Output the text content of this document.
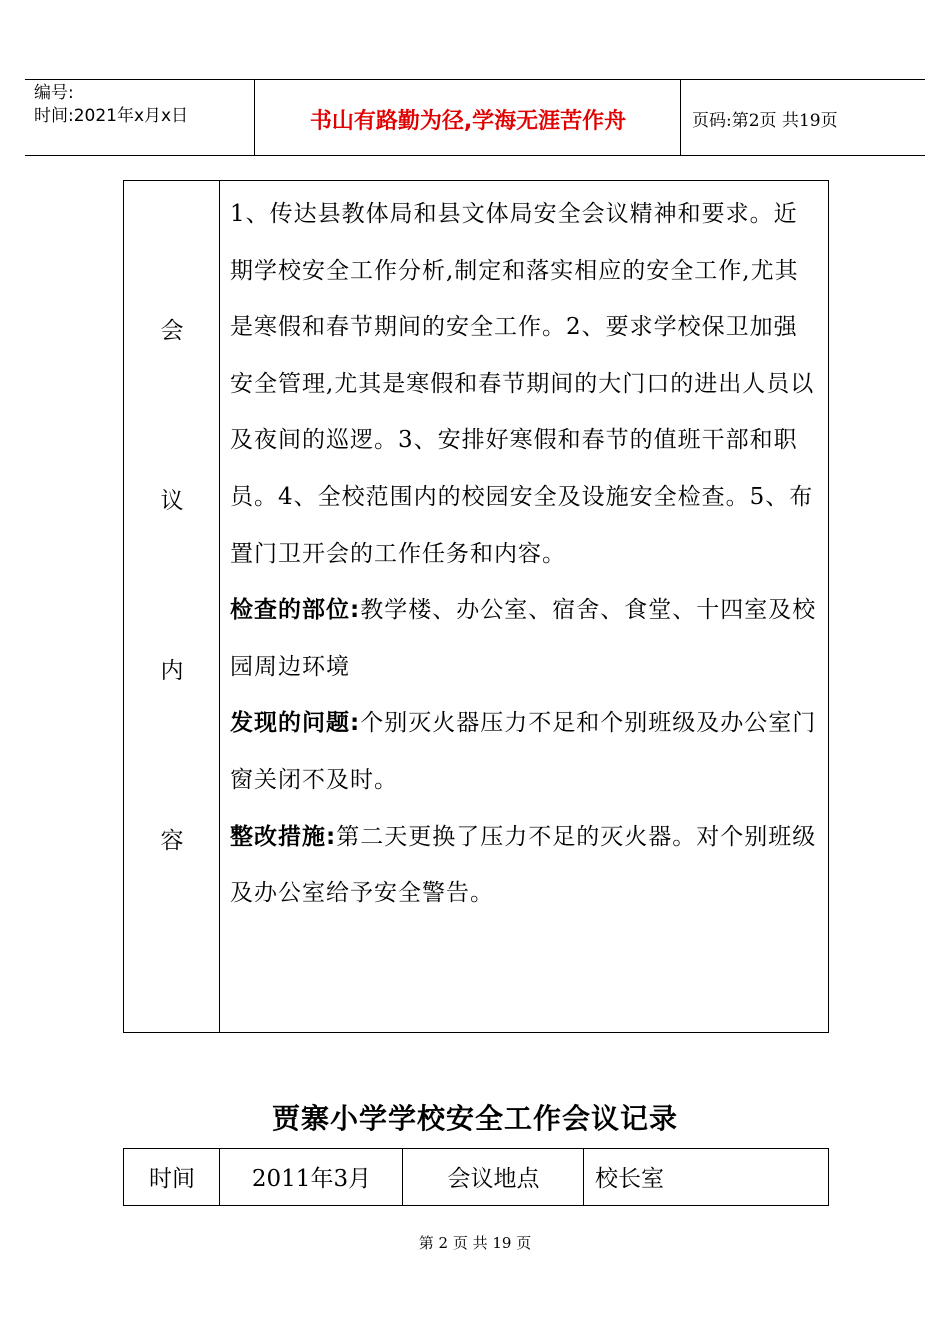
编号:
时间:2021年x月x日	书山有路勤为径,学海无涯苦作舟	页码:第2页 共19页
会
议
内
容

1、传达县教体局和县文体局安全会议精神和要求。近期学校安全工作分析,制定和落实相应的安全工作,尤其是寒假和春节期间的安全工作。2、要求学校保卫加强安全管理,尤其是寒假和春节期间的大门口的进出人员以及夜间的巡逻。3、安排好寒假和春节的值班干部和职员。4、全校范围内的校园安全及设施安全检查。5、布置门卫开会的工作任务和内容。

检查的部位:教学楼、办公室、宿舍、食堂、十四室及校园周边环境

发现的问题:个别灭火器压力不足和个别班级及办公室门窗关闭不及时。

整改措施:第二天更换了压力不足的灭火器。对个别班级及办公室给予安全警告。

贾寨小学学校安全工作会议记录
时间	2011年3月	会议地点	校长室
第 2 页 共 19 页
